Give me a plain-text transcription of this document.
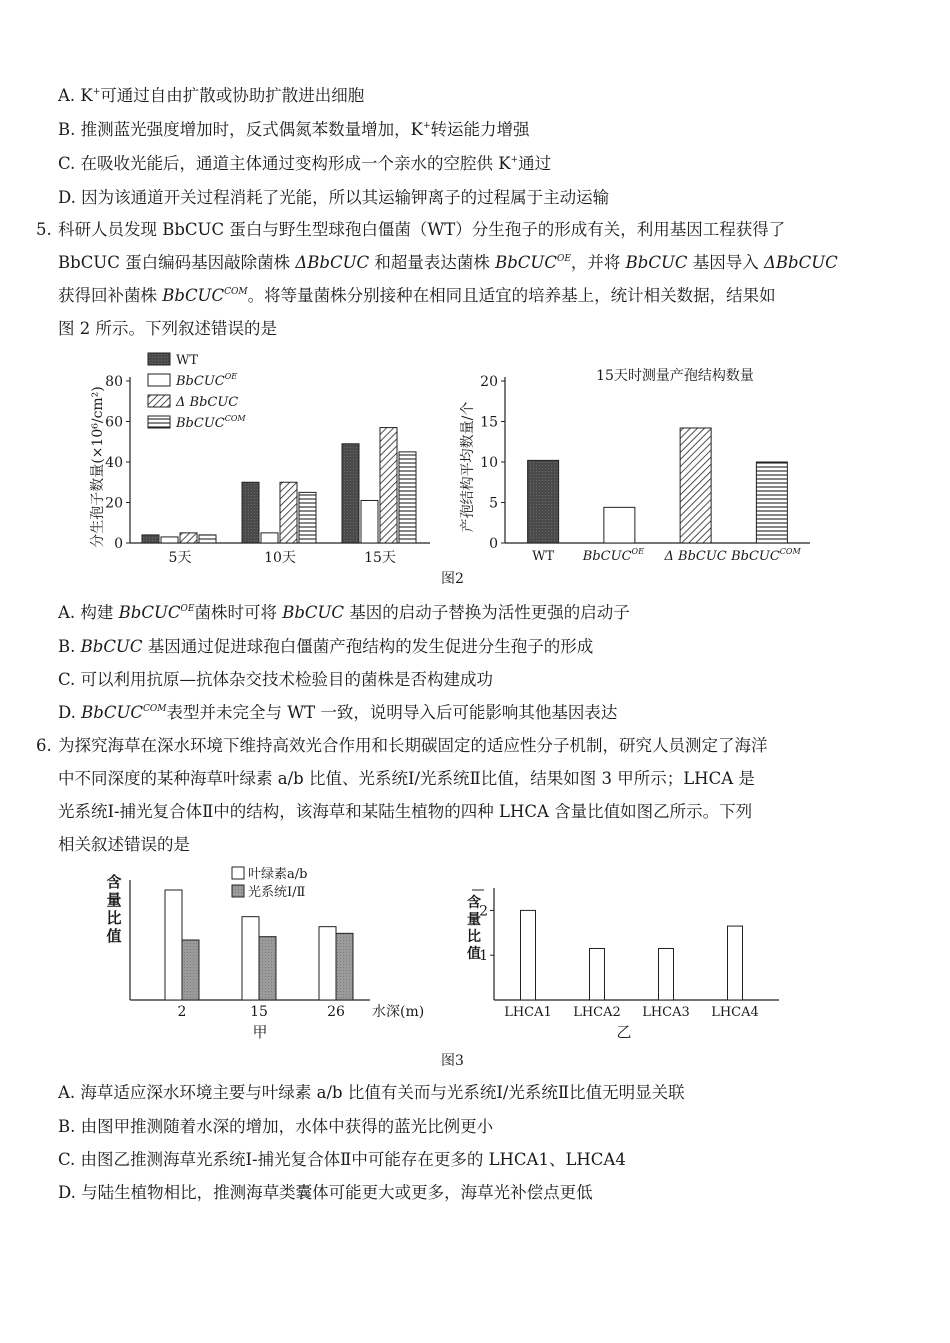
A. K+可通过自由扩散或协助扩散进出细胞
B. 推测蓝光强度增加时，反式偶氮苯数量增加，K+转运能力增强
C. 在吸收光能后，通道主体通过变构形成一个亲水的空腔供 K+通过
D. 因为该通道开关过程消耗了光能，所以其运输钾离子的过程属于主动运输
5. 科研人员发现 BbCUC 蛋白与野生型球孢白僵菌（WT）分生孢子的形成有关，利用基因工程获得了
BbCUC 蛋白编码基因敲除菌株 ΔBbCUC 和超量表达菌株 BbCUC$^{OE}$，并将 BbCUC 基因导入 ΔBbCUC
获得回补菌株 BbCUC$^{COM}$。将等量菌株分别接种在相同且适宜的培养基上，统计相关数据，结果如
图 2 所示。下列叙述错误的是
0
20
40
60
80
分生孢子数量(×10⁶/cm²)
5天	10天	15天
WT
BbCUC$^{OE}$
Δ BbCUC
BbCUC$^{COM}$
0
5
10
15
20	15天时测量产孢结构数量
产孢结构平均数量/个
WT BbCUC$^{OE}$ Δ BbCUC BbCUC$^{COM}$
图2
A. 构建 BbCUC$^{OE}$菌株时可将 BbCUC 基因的启动子替换为活性更强的启动子
B. BbCUC 基因通过促进球孢白僵菌产孢结构的发生促进分生孢子的形成
C. 可以利用抗原—抗体杂交技术检验目的菌株是否构建成功
D. BbCUC$^{COM}$表型并未完全与 WT 一致，说明导入后可能影响其他基因表达
6. 为探究海草在深水环境下维持高效光合作用和长期碳固定的适应性分子机制，研究人员测定了海洋
中不同深度的某种海草叶绿素 a/b 比值、光系统Ⅰ/光系统Ⅱ比值，结果如图 3 甲所示；LHCA 是
光系统Ⅰ-捕光复合体Ⅱ中的结构，该海草和某陆生植物的四种 LHCA 含量比值如图乙所示。下列
相关叙述错误的是
含
量
比
值
2	15	26 水深(m)
甲
叶绿素a/b
光系统Ⅰ/Ⅱ
含
量
比
值
1
2
LHCA1 LHCA2 LHCA3 LHCA4
乙
图3
A. 海草适应深水环境主要与叶绿素 a/b 比值有关而与光系统Ⅰ/光系统Ⅱ比值无明显关联
B. 由图甲推测随着水深的增加，水体中获得的蓝光比例更小
C. 由图乙推测海草光系统Ⅰ-捕光复合体Ⅱ中可能存在更多的 LHCA1、LHCA4
D. 与陆生植物相比，推测海草类囊体可能更大或更多，海草光补偿点更低
